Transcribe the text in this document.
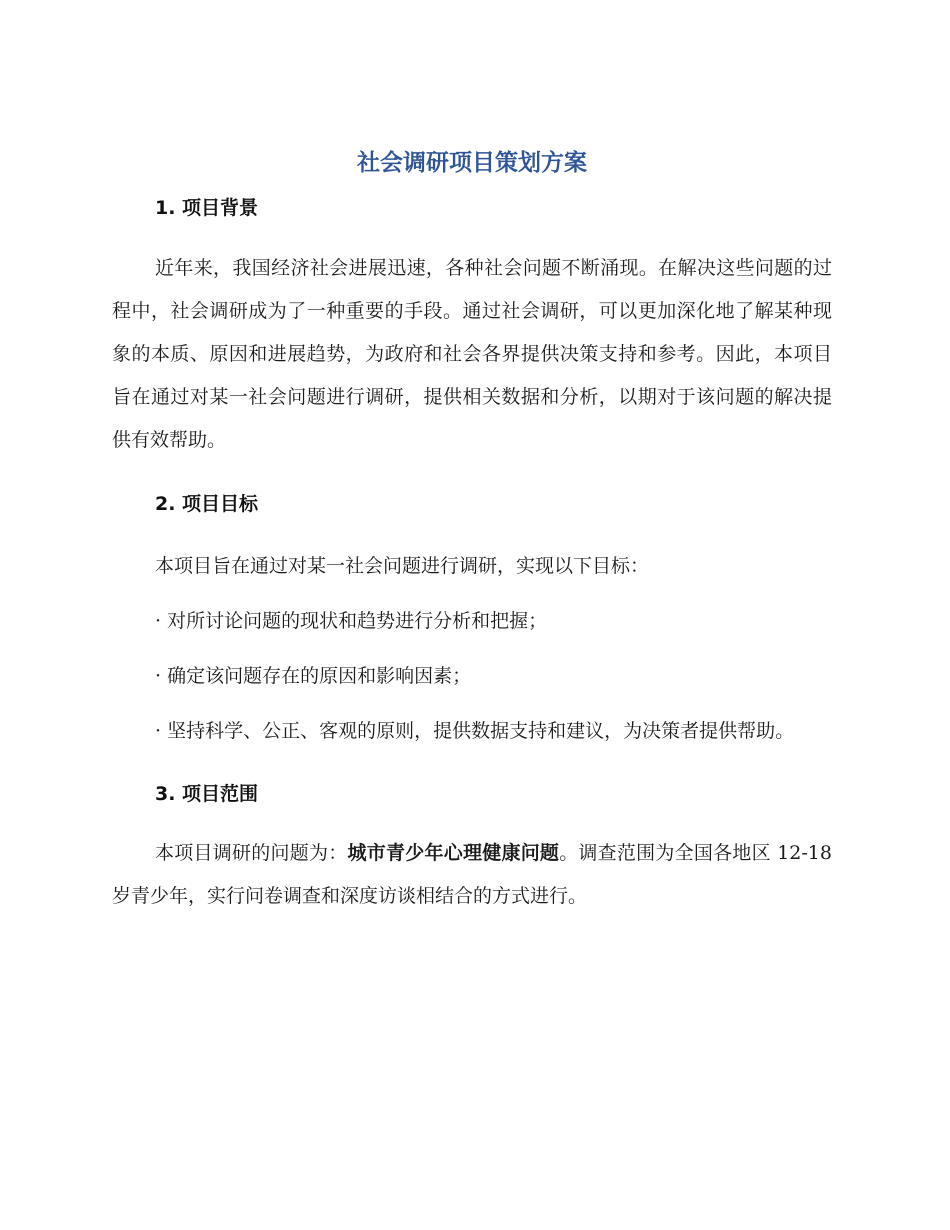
社会调研项目策划方案
1. 项目背景

近年来，我国经济社会进展迅速，各种社会问题不断涌现。在解决这些问题的过程中，社会调研成为了一种重要的手段。通过社会调研，可以更加深化地了解某种现象的本质、原因和进展趋势，为政府和社会各界提供决策支持和参考。因此，本项目旨在通过对某一社会问题进行调研，提供相关数据和分析，以期对于该问题的解决提供有效帮助。

2. 项目目标

本项目旨在通过对某一社会问题进行调研，实现以下目标：

· 对所讨论问题的现状和趋势进行分析和把握；

· 确定该问题存在的原因和影响因素；

· 坚持科学、公正、客观的原则，提供数据支持和建议，为决策者提供帮助。

3. 项目范围

本项目调研的问题为：城市青少年心理健康问题。调查范围为全国各地区 12-18 岁青少年，实行问卷调查和深度访谈相结合的方式进行。
